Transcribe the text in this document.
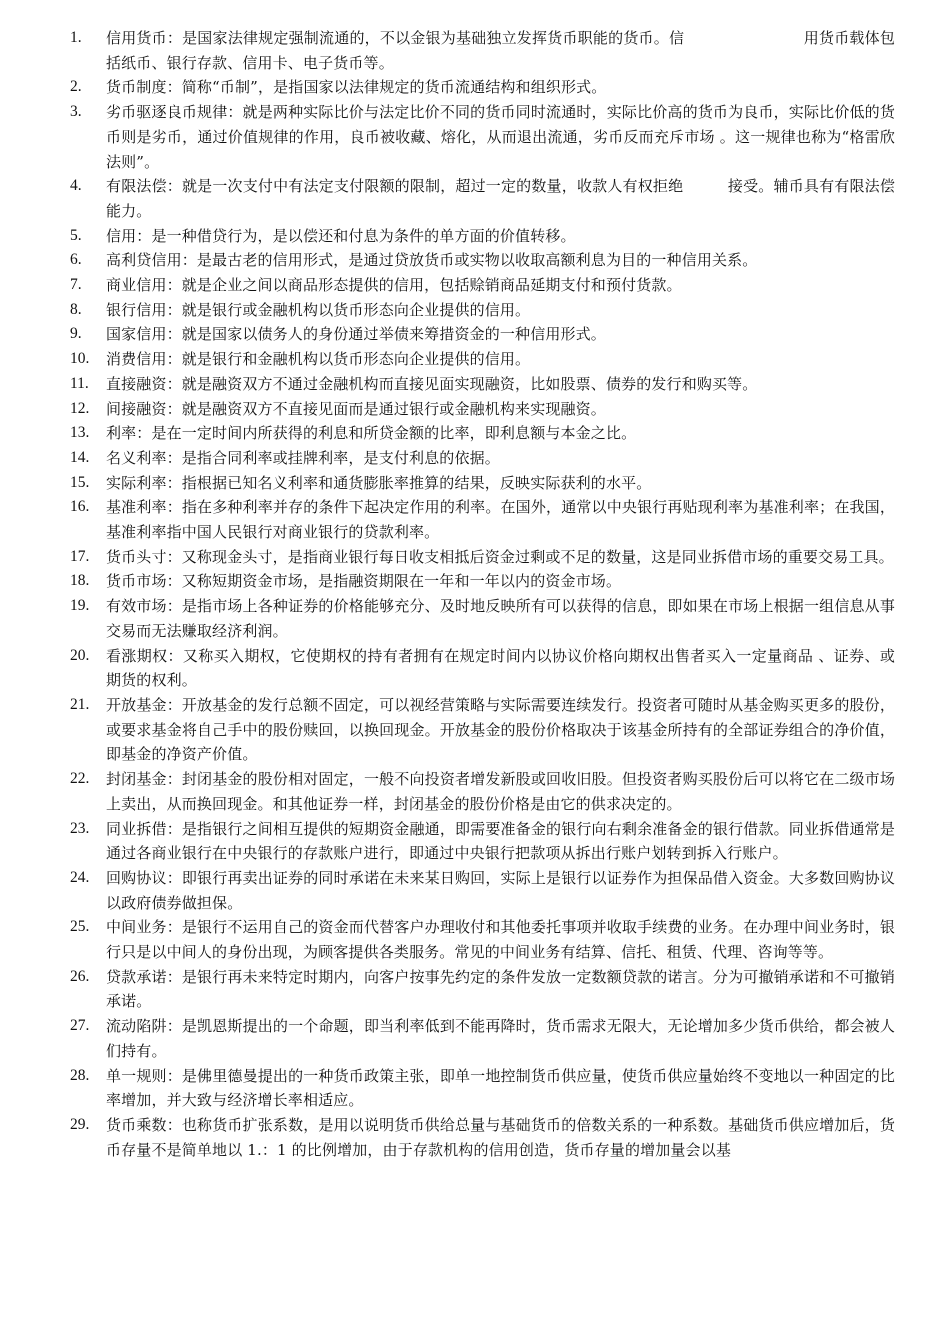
1.	信用货币：是国家法律规定强制流通的，不以金银为基础独立发挥货币职能的货币。信                        用货币载体包括纸币、银行存款、信用卡、电子货币等。
2.	货币制度：简称“币制”，是指国家以法律规定的货币流通结构和组织形式。
3.	劣币驱逐良币规律：就是两种实际比价与法定比价不同的货币同时流通时，实际比价高的货币为良币，实际比价低的货币则是劣币，通过价值规律的作用，良币被收藏、熔化，从而退出流通，劣币反而充斥市场 。这一规律也称为“格雷欣法则”。
4.	有限法偿：就是一次支付中有法定支付限额的限制，超过一定的数量，收款人有权拒绝         接受。辅币具有有限法偿能力。
5.	信用：是一种借贷行为，是以偿还和付息为条件的单方面的价值转移。
6.	高利贷信用：是最古老的信用形式，是通过贷放货币或实物以收取高额利息为目的一种信用关系。
7.	商业信用：就是企业之间以商品形态提供的信用，包括赊销商品延期支付和预付货款。
8.	银行信用：就是银行或金融机构以货币形态向企业提供的信用。
9.	国家信用：就是国家以债务人的身份通过举债来筹措资金的一种信用形式。
10.	消费信用：就是银行和金融机构以货币形态向企业提供的信用。
11.	直接融资：就是融资双方不通过金融机构而直接见面实现融资，比如股票、债券的发行和购买等。
12.	间接融资：就是融资双方不直接见面而是通过银行或金融机构来实现融资。
13.	利率：是在一定时间内所获得的利息和所贷金额的比率，即利息额与本金之比。
14.	名义利率：是指合同利率或挂牌利率，是支付利息的依据。
15.	实际利率：指根据已知名义利率和通货膨胀率推算的结果，反映实际获利的水平。
16.	基准利率：指在多种利率并存的条件下起决定作用的利率。在国外，通常以中央银行再贴现利率为基准利率；在我国，基准利率指中国人民银行对商业银行的贷款利率。
17.	货币头寸：又称现金头寸，是指商业银行每日收支相抵后资金过剩或不足的数量，这是同业拆借市场的重要交易工具。
18.	货币市场：又称短期资金市场，是指融资期限在一年和一年以内的资金市场。
19.	有效市场：是指市场上各种证券的价格能够充分、及时地反映所有可以获得的信息，即如果在市场上根据一组信息从事交易而无法赚取经济利润。
20.	看涨期权：又称买入期权，它使期权的持有者拥有在规定时间内以协议价格向期权出售者买入一定量商品 、证券、或期货的权利。
21.	开放基金：开放基金的发行总额不固定，可以视经营策略与实际需要连续发行。投资者可随时从基金购买更多的股份，或要求基金将自己手中的股份赎回，以换回现金。开放基金的股份价格取决于该基金所持有的全部证券组合的净价值，即基金的净资产价值。
22.	封闭基金：封闭基金的股份相对固定，一般不向投资者增发新股或回收旧股。但投资者购买股份后可以将它在二级市场上卖出，从而换回现金。和其他证券一样，封闭基金的股份价格是由它的供求决定的。
23.	同业拆借：是指银行之间相互提供的短期资金融通，即需要准备金的银行向右剩余准备金的银行借款。同业拆借通常是通过各商业银行在中央银行的存款账户进行，即通过中央银行把款项从拆出行账户划转到拆入行账户。
24.	回购协议：即银行再卖出证券的同时承诺在未来某日购回，实际上是银行以证券作为担保品借入资金。大多数回购协议以政府债券做担保。
25.	中间业务：是银行不运用自己的资金而代替客户办理收付和其他委托事项并收取手续费的业务。在办理中间业务时，银行只是以中间人的身份出现，为顾客提供各类服务。常见的中间业务有结算、信托、租赁、代理、咨询等等。
26.	贷款承诺：是银行再未来特定时期内，向客户按事先约定的条件发放一定数额贷款的诺言。分为可撤销承诺和不可撤销承诺。
27.	流动陷阱：是凯恩斯提出的一个命题，即当利率低到不能再降时，货币需求无限大，无论增加多少货币供给，都会被人们持有。
28.	单一规则：是佛里德曼提出的一种货币政策主张，即单一地控制货币供应量，使货币供应量始终不变地以一种固定的比率增加，并大致与经济增长率相适应。
29.	货币乘数：也称货币扩张系数，是用以说明货币供给总量与基础货币的倍数关系的一种系数。基础货币供应增加后，货币存量不是简单地以 1.：1 的比例增加，由于存款机构的信用创造，货币存量的增加量会以基
